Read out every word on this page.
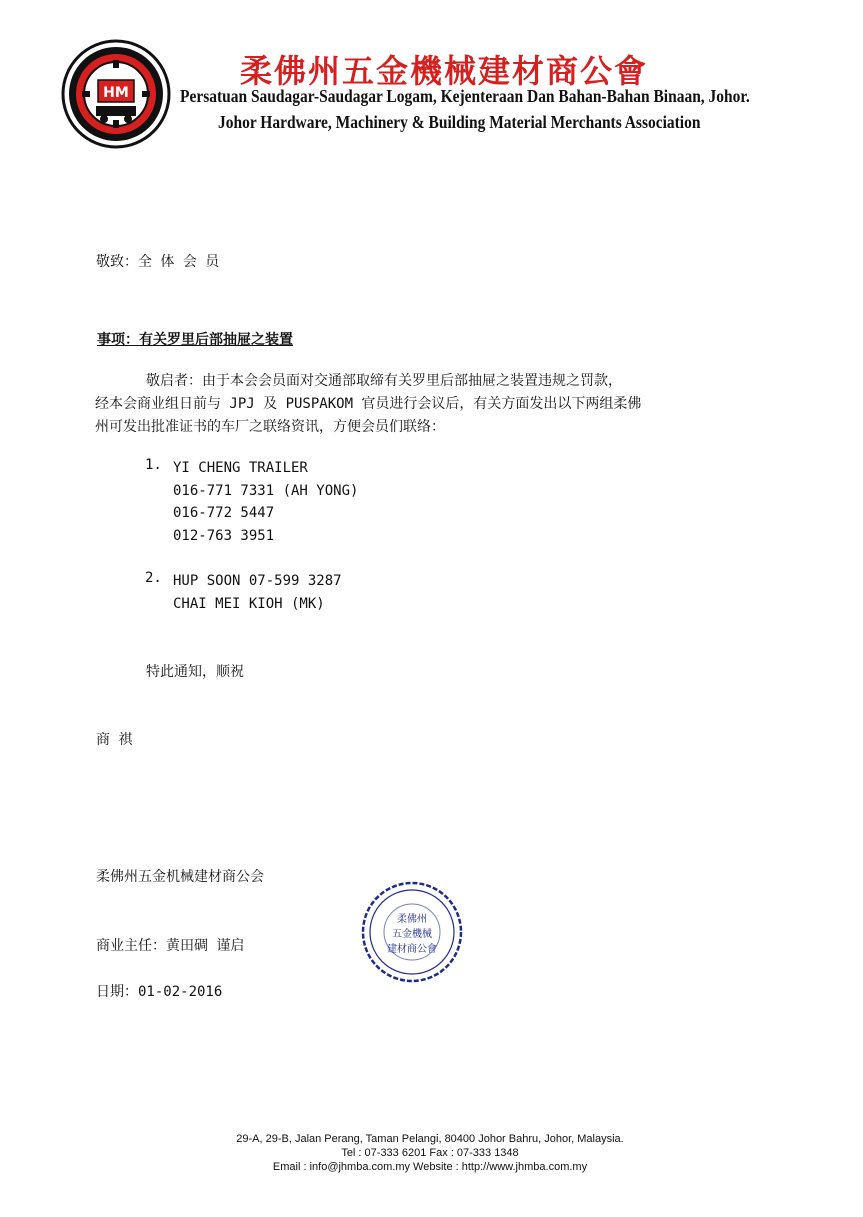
HM
柔佛州五金機械建材商公會
Persatuan Saudagar-Saudagar Logam, Kejenteraan Dan Bahan-Bahan Binaan, Johor.
Johor Hardware, Machinery & Building Material Merchants Association
敬致：全 体 会 员
事项：有关罗里后部抽屉之装置
敬启者：由于本会会员面对交通部取缔有关罗里后部抽屉之装置违规之罚款，
经本会商业组日前与 JPJ 及 PUSPAKOM 官员进行会议后，有关方面发出以下两组柔佛
州可发出批准证书的车厂之联络资讯，方便会员们联络：
1. YI CHENG TRAILER
016-771 7331 (AH YONG)
016-772 5447
012-763 3951
2. HUP SOON 07-599 3287
CHAI MEI KIOH (MK)
特此通知，顺祝
商 祺
柔佛州五金机械建材商公会
商业主任：黄田碉 谨启
日期：01-02-2016
柔佛州
五金機械
建材商公會
29-A, 29-B, Jalan Perang, Taman Pelangi, 80400 Johor Bahru, Johor, Malaysia.
Tel : 07-333 6201 Fax : 07-333 1348
Email : info@jhmba.com.my Website : http://www.jhmba.com.my
